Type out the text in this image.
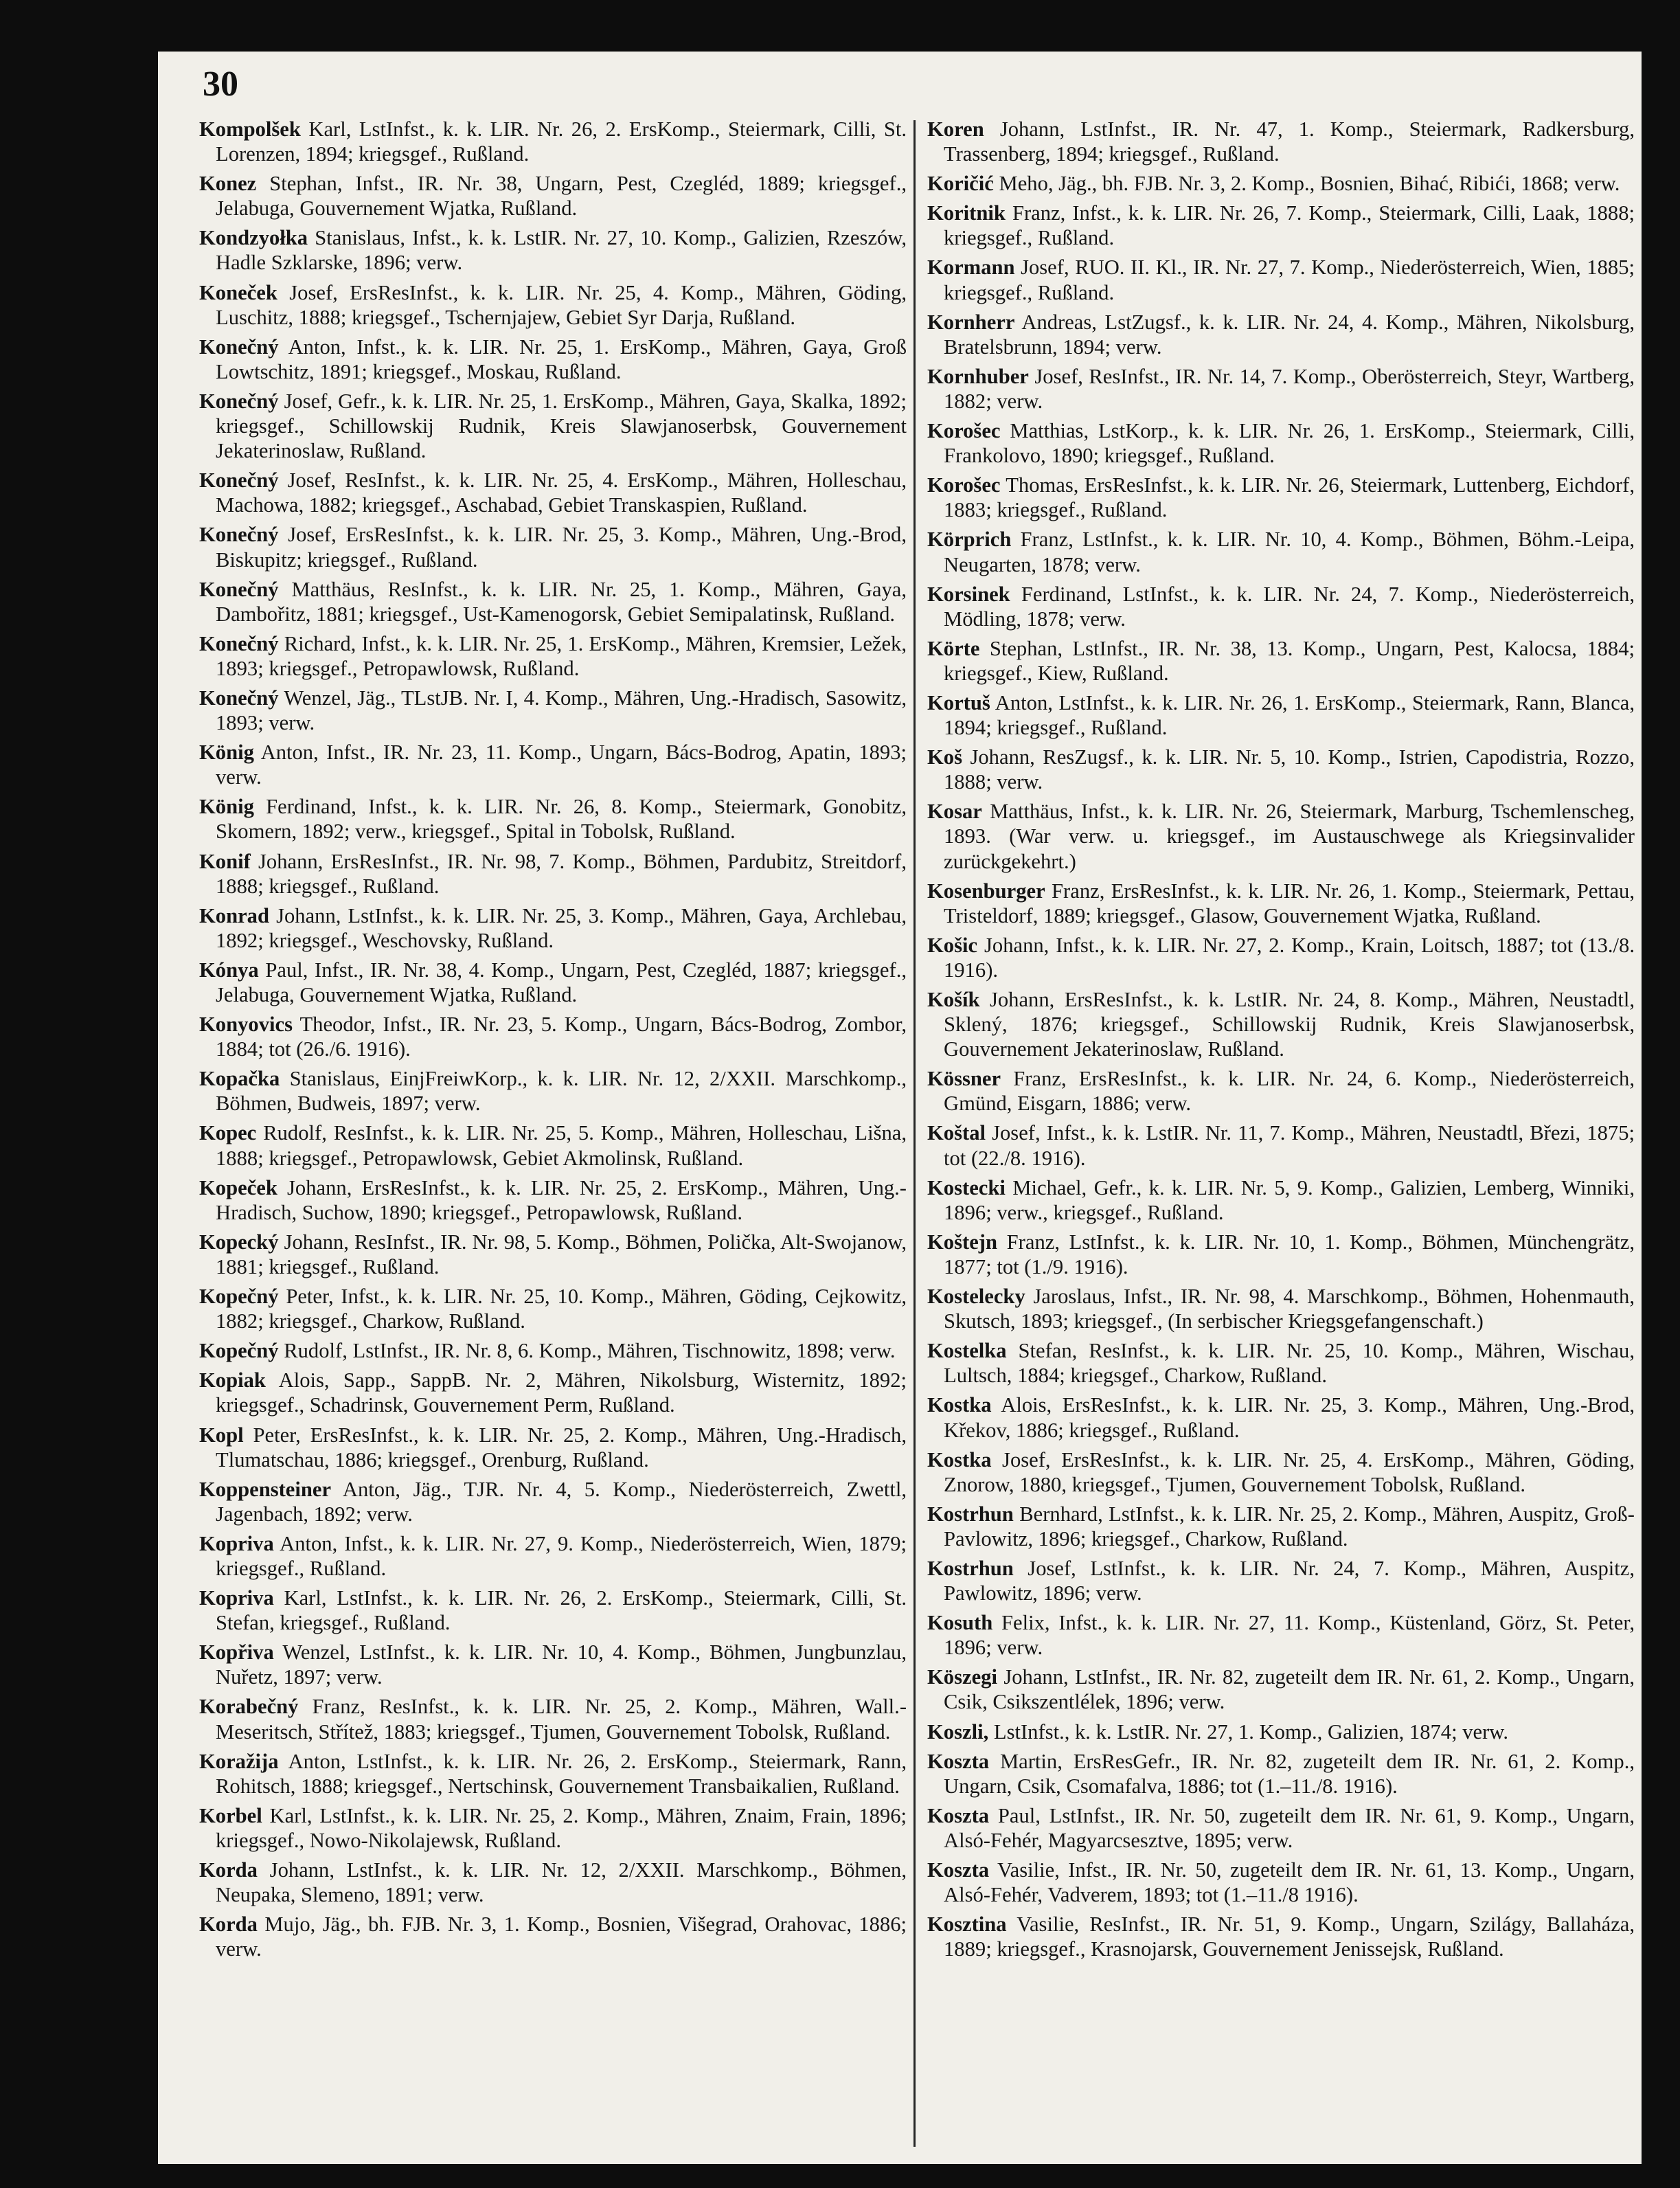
30

Kompolšek Karl, LstInfst., k. k. LIR. Nr. 26, 2. ErsKomp., Steiermark, Cilli, St. Lorenzen, 1894; kriegsgef., Rußland.

Konez Stephan, Infst., IR. Nr. 38, Ungarn, Pest, Czegléd, 1889; kriegsgef., Jelabuga, Gouvernement Wjatka, Rußland.

Kondzyołka Stanislaus, Infst., k. k. LstIR. Nr. 27, 10. Komp., Galizien, Rzeszów, Hadle Szklarske, 1896; verw.

Koneček Josef, ErsResInfst., k. k. LIR. Nr. 25, 4. Komp., Mähren, Göding, Luschitz, 1888; kriegsgef., Tschernjajew, Gebiet Syr Darja, Rußland.

Konečný Anton, Infst., k. k. LIR. Nr. 25, 1. ErsKomp., Mähren, Gaya, Groß Lowtschitz, 1891; kriegsgef., Moskau, Rußland.

Konečný Josef, Gefr., k. k. LIR. Nr. 25, 1. ErsKomp., Mähren, Gaya, Skalka, 1892; kriegsgef., Schillowskij Rudnik, Kreis Slawjanoserbsk, Gouvernement Jekaterinoslaw, Rußland.

Konečný Josef, ResInfst., k. k. LIR. Nr. 25, 4. ErsKomp., Mähren, Holleschau, Machowa, 1882; kriegsgef., Aschabad, Gebiet Transkaspien, Rußland.

Konečný Josef, ErsResInfst., k. k. LIR. Nr. 25, 3. Komp., Mähren, Ung.-Brod, Biskupitz; kriegsgef., Rußland.

Konečný Matthäus, ResInfst., k. k. LIR. Nr. 25, 1. Komp., Mähren, Gaya, Dambořitz, 1881; kriegsgef., Ust-Kamenogorsk, Gebiet Semipalatinsk, Rußland.

Konečný Richard, Infst., k. k. LIR. Nr. 25, 1. ErsKomp., Mähren, Kremsier, Ležek, 1893; kriegsgef., Petropawlowsk, Rußland.

Konečný Wenzel, Jäg., TLstJB. Nr. I, 4. Komp., Mähren, Ung.-Hradisch, Sasowitz, 1893; verw.

König Anton, Infst., IR. Nr. 23, 11. Komp., Ungarn, Bács-Bodrog, Apatin, 1893; verw.

König Ferdinand, Infst., k. k. LIR. Nr. 26, 8. Komp., Steiermark, Gonobitz, Skomern, 1892; verw., kriegsgef., Spital in Tobolsk, Rußland.

Konif Johann, ErsResInfst., IR. Nr. 98, 7. Komp., Böhmen, Pardubitz, Streitdorf, 1888; kriegsgef., Rußland.

Konrad Johann, LstInfst., k. k. LIR. Nr. 25, 3. Komp., Mähren, Gaya, Archlebau, 1892; kriegsgef., Weschovsky, Rußland.

Kónya Paul, Infst., IR. Nr. 38, 4. Komp., Ungarn, Pest, Czegléd, 1887; kriegsgef., Jelabuga, Gouvernement Wjatka, Rußland.

Konyovics Theodor, Infst., IR. Nr. 23, 5. Komp., Ungarn, Bács-Bodrog, Zombor, 1884; tot (26./6. 1916).

Kopačka Stanislaus, EinjFreiwKorp., k. k. LIR. Nr. 12, 2/XXII. Marschkomp., Böhmen, Budweis, 1897; verw.

Kopec Rudolf, ResInfst., k. k. LIR. Nr. 25, 5. Komp., Mähren, Holleschau, Lišna, 1888; kriegsgef., Petropawlowsk, Gebiet Akmolinsk, Rußland.

Kopeček Johann, ErsResInfst., k. k. LIR. Nr. 25, 2. ErsKomp., Mähren, Ung.-Hradisch, Suchow, 1890; kriegsgef., Petropawlowsk, Rußland.

Kopecký Johann, ResInfst., IR. Nr. 98, 5. Komp., Böhmen, Polička, Alt-Swojanow, 1881; kriegsgef., Rußland.

Kopečný Peter, Infst., k. k. LIR. Nr. 25, 10. Komp., Mähren, Göding, Cejkowitz, 1882; kriegsgef., Charkow, Rußland.

Kopečný Rudolf, LstInfst., IR. Nr. 8, 6. Komp., Mähren, Tischnowitz, 1898; verw.

Kopiak Alois, Sapp., SappB. Nr. 2, Mähren, Nikolsburg, Wisternitz, 1892; kriegsgef., Schadrinsk, Gouvernement Perm, Rußland.

Kopl Peter, ErsResInfst., k. k. LIR. Nr. 25, 2. Komp., Mähren, Ung.-Hradisch, Tlumatschau, 1886; kriegsgef., Orenburg, Rußland.

Koppensteiner Anton, Jäg., TJR. Nr. 4, 5. Komp., Niederösterreich, Zwettl, Jagenbach, 1892; verw.

Kopriva Anton, Infst., k. k. LIR. Nr. 27, 9. Komp., Niederösterreich, Wien, 1879; kriegsgef., Rußland.

Kopriva Karl, LstInfst., k. k. LIR. Nr. 26, 2. ErsKomp., Steiermark, Cilli, St. Stefan, kriegsgef., Rußland.

Kopřiva Wenzel, LstInfst., k. k. LIR. Nr. 10, 4. Komp., Böhmen, Jungbunzlau, Nuřetz, 1897; verw.

Korabečný Franz, ResInfst., k. k. LIR. Nr. 25, 2. Komp., Mähren, Wall.-Meseritsch, Střítež, 1883; kriegsgef., Tjumen, Gouvernement Tobolsk, Rußland.

Koražija Anton, LstInfst., k. k. LIR. Nr. 26, 2. ErsKomp., Steiermark, Rann, Rohitsch, 1888; kriegsgef., Nertschinsk, Gouvernement Transbaikalien, Rußland.

Korbel Karl, LstInfst., k. k. LIR. Nr. 25, 2. Komp., Mähren, Znaim, Frain, 1896; kriegsgef., Nowo-Nikolajewsk, Rußland.

Korda Johann, LstInfst., k. k. LIR. Nr. 12, 2/XXII. Marschkomp., Böhmen, Neupaka, Slemeno, 1891; verw.

Korda Mujo, Jäg., bh. FJB. Nr. 3, 1. Komp., Bosnien, Višegrad, Orahovac, 1886; verw.

Koren Johann, LstInfst., IR. Nr. 47, 1. Komp., Steiermark, Radkersburg, Trassenberg, 1894; kriegsgef., Rußland.

Koričić Meho, Jäg., bh. FJB. Nr. 3, 2. Komp., Bosnien, Bihać, Ribići, 1868; verw.

Koritnik Franz, Infst., k. k. LIR. Nr. 26, 7. Komp., Steiermark, Cilli, Laak, 1888; kriegsgef., Rußland.

Kormann Josef, RUO. II. Kl., IR. Nr. 27, 7. Komp., Niederösterreich, Wien, 1885; kriegsgef., Rußland.

Kornherr Andreas, LstZugsf., k. k. LIR. Nr. 24, 4. Komp., Mähren, Nikolsburg, Bratelsbrunn, 1894; verw.

Kornhuber Josef, ResInfst., IR. Nr. 14, 7. Komp., Oberösterreich, Steyr, Wartberg, 1882; verw.

Korošec Matthias, LstKorp., k. k. LIR. Nr. 26, 1. ErsKomp., Steiermark, Cilli, Frankolovo, 1890; kriegsgef., Rußland.

Korošec Thomas, ErsResInfst., k. k. LIR. Nr. 26, Steiermark, Luttenberg, Eichdorf, 1883; kriegsgef., Rußland.

Körprich Franz, LstInfst., k. k. LIR. Nr. 10, 4. Komp., Böhmen, Böhm.-Leipa, Neugarten, 1878; verw.

Korsinek Ferdinand, LstInfst., k. k. LIR. Nr. 24, 7. Komp., Niederösterreich, Mödling, 1878; verw.

Körte Stephan, LstInfst., IR. Nr. 38, 13. Komp., Ungarn, Pest, Kalocsa, 1884; kriegsgef., Kiew, Rußland.

Kortuš Anton, LstInfst., k. k. LIR. Nr. 26, 1. ErsKomp., Steiermark, Rann, Blanca, 1894; kriegsgef., Rußland.

Koš Johann, ResZugsf., k. k. LIR. Nr. 5, 10. Komp., Istrien, Capodistria, Rozzo, 1888; verw.

Kosar Matthäus, Infst., k. k. LIR. Nr. 26, Steiermark, Marburg, Tschemlenscheg, 1893. (War verw. u. kriegsgef., im Austauschwege als Kriegsinvalider zurückgekehrt.)

Kosenburger Franz, ErsResInfst., k. k. LIR. Nr. 26, 1. Komp., Steiermark, Pettau, Tristeldorf, 1889; kriegsgef., Glasow, Gouvernement Wjatka, Rußland.

Košic Johann, Infst., k. k. LIR. Nr. 27, 2. Komp., Krain, Loitsch, 1887; tot (13./8. 1916).

Košík Johann, ErsResInfst., k. k. LstIR. Nr. 24, 8. Komp., Mähren, Neustadtl, Sklený, 1876; kriegsgef., Schillowskij Rudnik, Kreis Slawjanoserbsk, Gouvernement Jekaterinoslaw, Rußland.

Kössner Franz, ErsResInfst., k. k. LIR. Nr. 24, 6. Komp., Niederösterreich, Gmünd, Eisgarn, 1886; verw.

Koštal Josef, Infst., k. k. LstIR. Nr. 11, 7. Komp., Mähren, Neustadtl, Březi, 1875; tot (22./8. 1916).

Kostecki Michael, Gefr., k. k. LIR. Nr. 5, 9. Komp., Galizien, Lemberg, Winniki, 1896; verw., kriegsgef., Rußland.

Koštejn Franz, LstInfst., k. k. LIR. Nr. 10, 1. Komp., Böhmen, Münchengrätz, 1877; tot (1./9. 1916).

Kostelecky Jaroslaus, Infst., IR. Nr. 98, 4. Marschkomp., Böhmen, Hohenmauth, Skutsch, 1893; kriegsgef., (In serbischer Kriegsgefangenschaft.)

Kostelka Stefan, ResInfst., k. k. LIR. Nr. 25, 10. Komp., Mähren, Wischau, Lultsch, 1884; kriegsgef., Charkow, Rußland.

Kostka Alois, ErsResInfst., k. k. LIR. Nr. 25, 3. Komp., Mähren, Ung.-Brod, Křekov, 1886; kriegsgef., Rußland.

Kostka Josef, ErsResInfst., k. k. LIR. Nr. 25, 4. ErsKomp., Mähren, Göding, Znorow, 1880, kriegsgef., Tjumen, Gouvernement Tobolsk, Rußland.

Kostrhun Bernhard, LstInfst., k. k. LIR. Nr. 25, 2. Komp., Mähren, Auspitz, Groß-Pavlowitz, 1896; kriegsgef., Charkow, Rußland.

Kostrhun Josef, LstInfst., k. k. LIR. Nr. 24, 7. Komp., Mähren, Auspitz, Pawlowitz, 1896; verw.

Kosuth Felix, Infst., k. k. LIR. Nr. 27, 11. Komp., Küstenland, Görz, St. Peter, 1896; verw.

Köszegi Johann, LstInfst., IR. Nr. 82, zugeteilt dem IR. Nr. 61, 2. Komp., Ungarn, Csik, Csikszentlélek, 1896; verw.

Koszli, LstInfst., k. k. LstIR. Nr. 27, 1. Komp., Galizien, 1874; verw.

Koszta Martin, ErsResGefr., IR. Nr. 82, zugeteilt dem IR. Nr. 61, 2. Komp., Ungarn, Csik, Csomafalva, 1886; tot (1.–11./8. 1916).

Koszta Paul, LstInfst., IR. Nr. 50, zugeteilt dem IR. Nr. 61, 9. Komp., Ungarn, Alsó-Fehér, Magyarcsesztve, 1895; verw.

Koszta Vasilie, Infst., IR. Nr. 50, zugeteilt dem IR. Nr. 61, 13. Komp., Ungarn, Alsó-Fehér, Vadverem, 1893; tot (1.–11./8 1916).

Kosztina Vasilie, ResInfst., IR. Nr. 51, 9. Komp., Ungarn, Szilágy, Ballaháza, 1889; kriegsgef., Krasnojarsk, Gouvernement Jenissejsk, Rußland.
